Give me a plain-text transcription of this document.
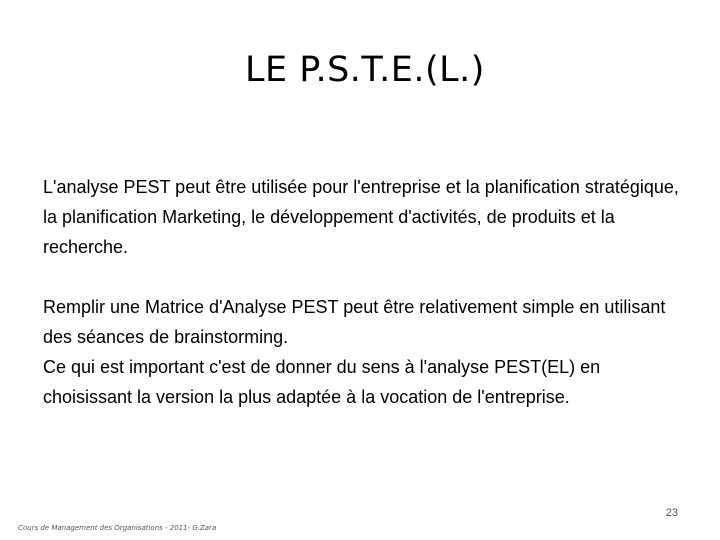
LE P.S.T.E.(L.)

L'analyse PEST peut être utilisée pour l'entreprise et la planification stratégique, la planification Marketing, le développement d'activités, de produits et la recherche.

Remplir une Matrice d'Analyse PEST peut être relativement simple en utilisant des séances de brainstorming.

Ce qui est important c'est de donner du sens à l'analyse PEST(EL) en choisissant la version la plus adaptée à la vocation de l'entreprise.

23
Cours de Management des Organisations - 2011- G.Zara
